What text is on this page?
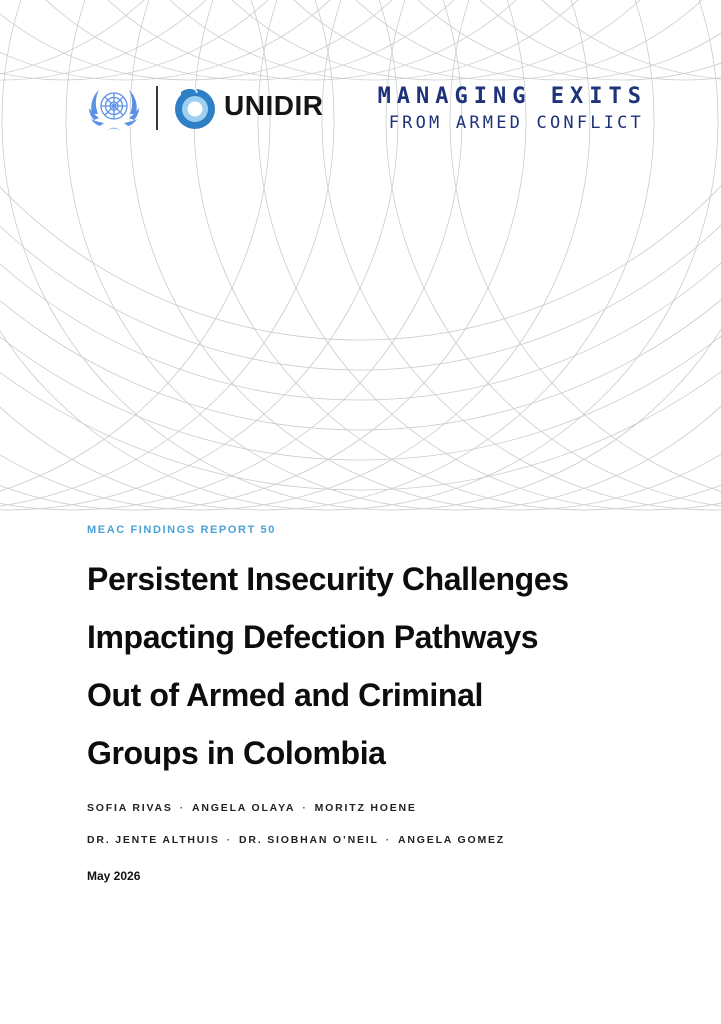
UNIDIR MANAGING EXITS
FROM ARMED CONFLICT
MEAC FINDINGS REPORT 50
Persistent Insecurity Challenges
Impacting Defection Pathways
Out of Armed and Criminal
Groups in Colombia
SOFIA RIVAS · ANGELA OLAYA · MORITZ HOENE
DR. JENTE ALTHUIS · DR. SIOBHAN O’NEIL · ANGELA GOMEZ
May 2026
